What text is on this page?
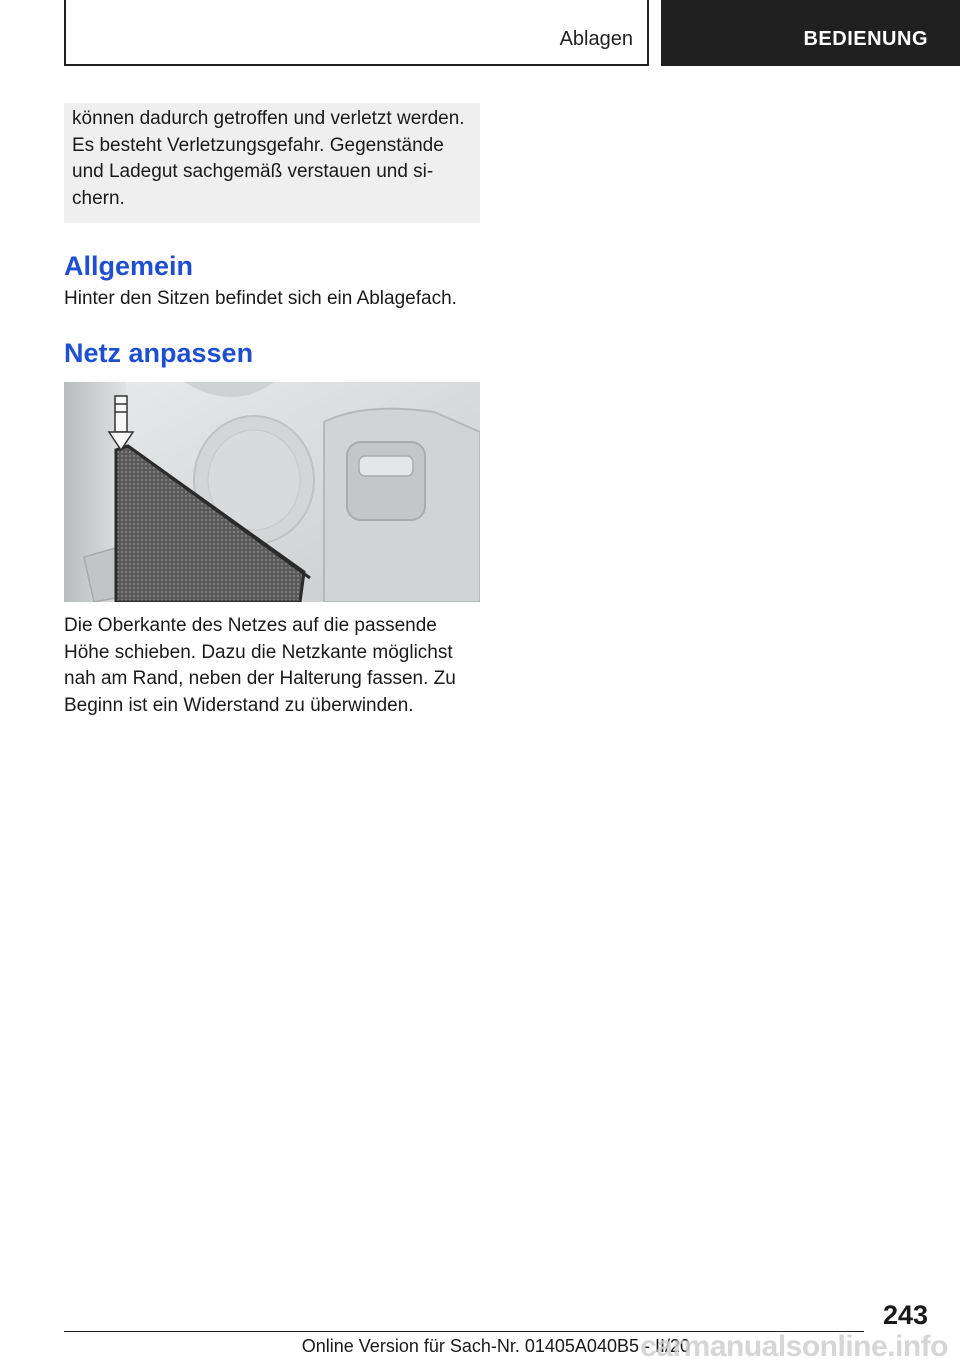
Ablagen	BEDIENUNG

können dadurch getroffen und verletzt werden. Es besteht Verletzungsgefahr. Gegenstände und Ladegut sachgemäß verstauen und sichern.

Allgemein
Hinter den Sitzen befindet sich ein Ablagefach.
Netz anpassen
Die Oberkante des Netzes auf die passende Höhe schieben. Dazu die Netzkante möglichst nah am Rand, neben der Halterung fassen. Zu Beginn ist ein Widerstand zu überwinden.
243
Online Version für Sach-Nr. 01405A040B5 - II/20
carmanualsonline.info
